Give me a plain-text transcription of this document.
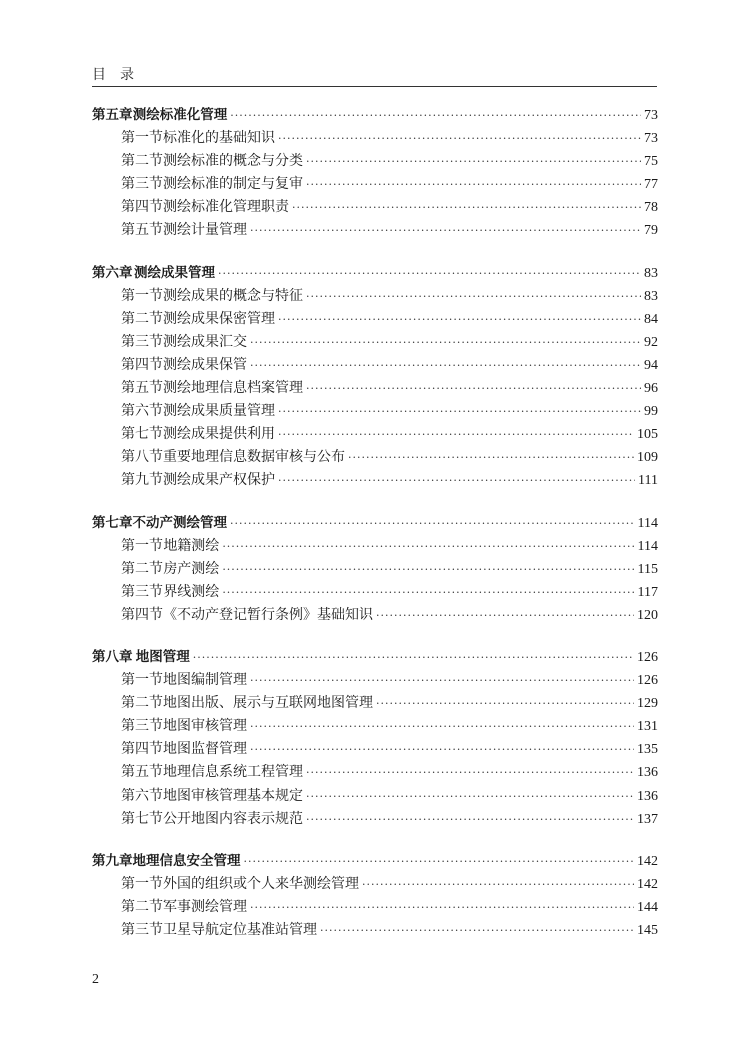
目录
第五章 测绘标准化管理 ·····	73
第一节 标准化的基础知识 ·····	73
第二节 测绘标准的概念与分类 ·····	75
第三节 测绘标准的制定与复审 ·····	77
第四节 测绘标准化管理职责 ·····	78
第五节 测绘计量管理 ·····	79
第六章 测绘成果管理 ·····	83
第一节 测绘成果的概念与特征 ·····	83
第二节 测绘成果保密管理 ·····	84
第三节 测绘成果汇交 ·····	92
第四节 测绘成果保管 ·····	94
第五节 测绘地理信息档案管理 ·····	96
第六节 测绘成果质量管理 ·····	99
第七节 测绘成果提供利用 ·····	105
第八节 重要地理信息数据审核与公布 ·····	109
第九节 测绘成果产权保护 ·····	111
第七章 不动产测绘管理 ·····	114
第一节 地籍测绘 ·····	114
第二节 房产测绘 ·····	115
第三节 界线测绘 ·····	117
第四节 《不动产登记暂行条例》基础知识 ·····	120
第八章 地图管理 ·····	126
第一节 地图编制管理 ·····	126
第二节 地图出版、展示与互联网地图管理 ·····	129
第三节 地图审核管理 ·····	131
第四节 地图监督管理 ·····	135
第五节 地理信息系统工程管理 ·····	136
第六节 地图审核管理基本规定 ·····	136
第七节 公开地图内容表示规范 ·····	137
第九章 地理信息安全管理 ·····	142
第一节 外国的组织或个人来华测绘管理 ·····	142
第二节 军事测绘管理 ·····	144
第三节 卫星导航定位基准站管理 ·····	145
2
